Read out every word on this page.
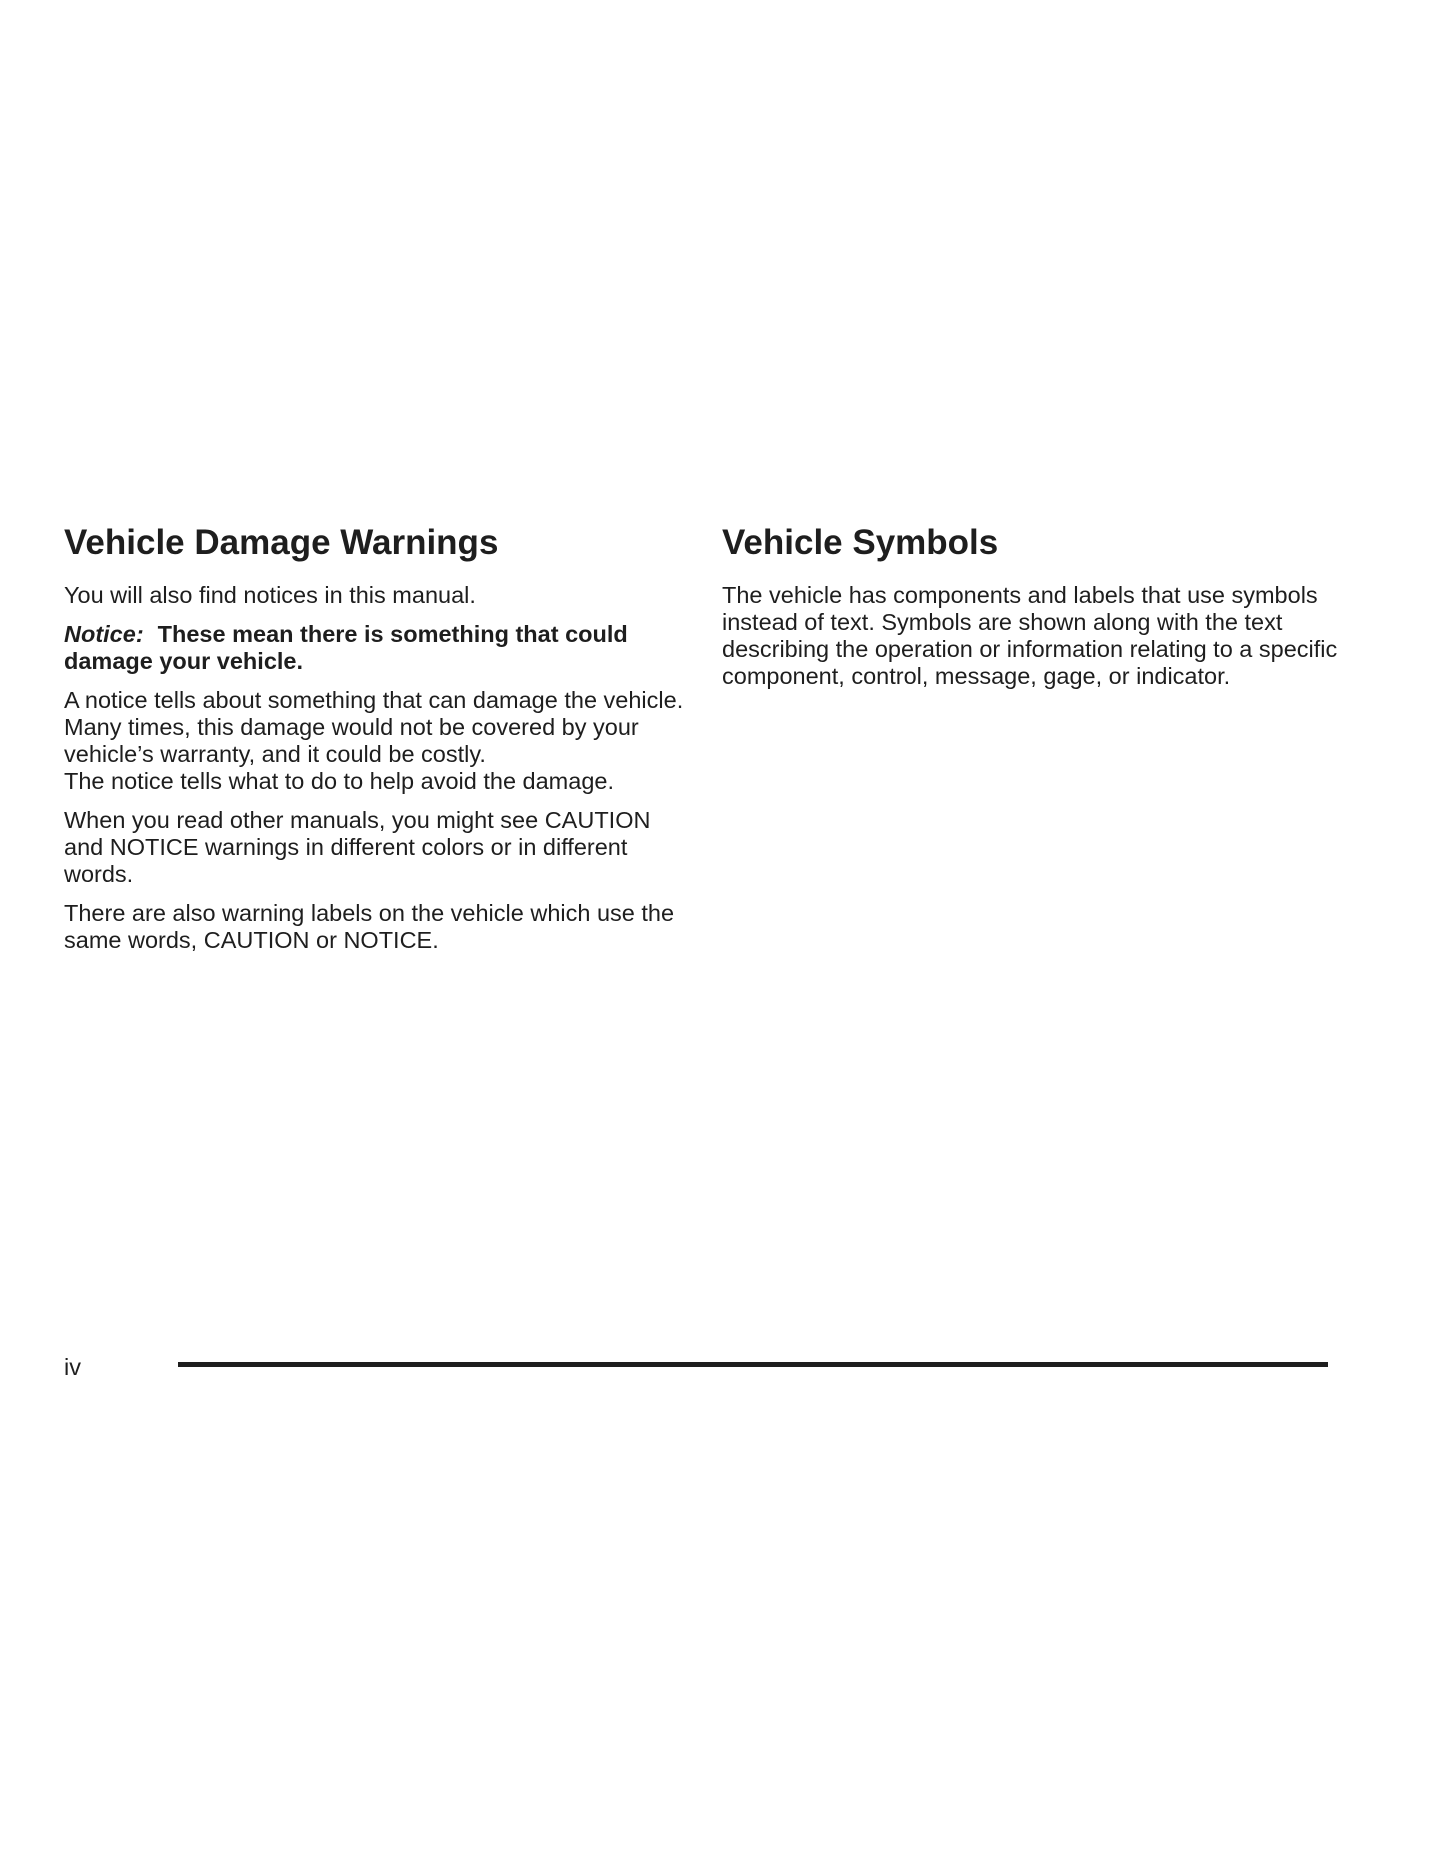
Vehicle Damage Warnings

You will also find notices in this manual.

Notice: These mean there is something that could damage your vehicle.

A notice tells about something that can damage the vehicle. Many times, this damage would not be covered by your vehicle’s warranty, and it could be costly.
The notice tells what to do to help avoid the damage.

When you read other manuals, you might see CAUTION and NOTICE warnings in different colors or in different words.

There are also warning labels on the vehicle which use the same words, CAUTION or NOTICE.

Vehicle Symbols

The vehicle has components and labels that use symbols instead of text. Symbols are shown along with the text describing the operation or information relating to a specific component, control, message, gage, or indicator.

iv
